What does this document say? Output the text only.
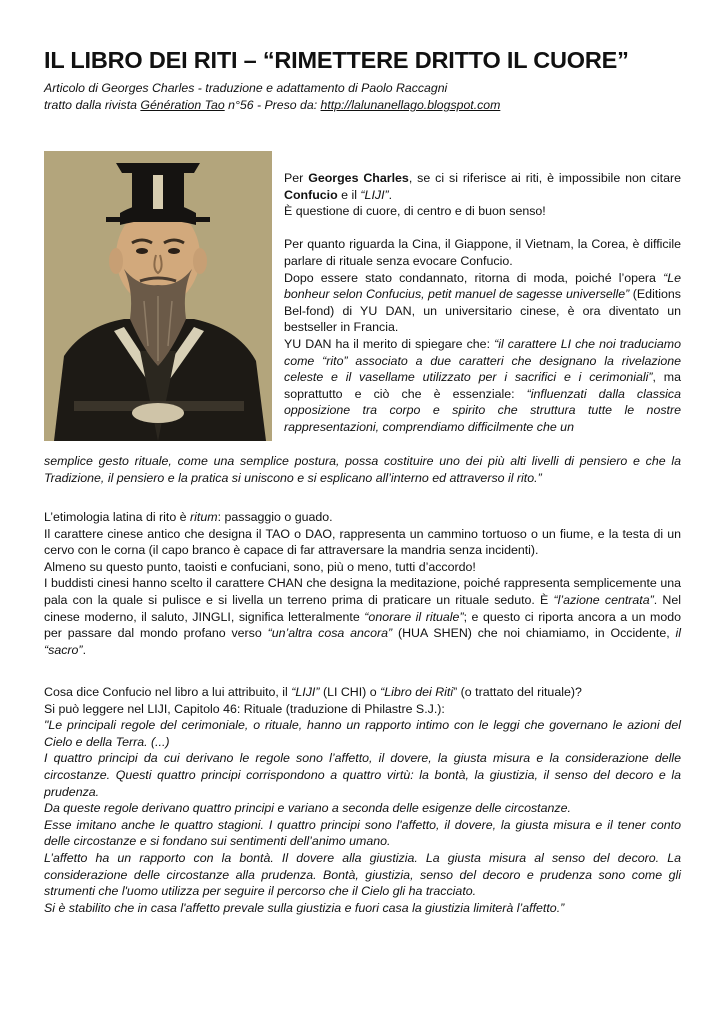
IL LIBRO DEI RITI – “RIMETTERE DRITTO IL CUORE”
Articolo di Georges Charles - traduzione e adattamento di Paolo Raccagni
tratto dalla rivista Génération Tao n°56 - Preso da: http://lalunanellago.blogspot.com

Per Georges Charles, se ci si riferisce ai riti, è impossibile non citare Confucio e il “LIJI”.

È questione di cuore, di centro e di buon senso!

Per quanto riguarda la Cina, il Giappone, il Vietnam, la Corea, è difficile parlare di rituale senza evocare Confucio.

Dopo essere stato condannato, ritorna di moda, poiché l’opera “Le bonheur selon Confucius, petit manuel de sagesse universelle” (Editions Bel-fond) di YU DAN, un universitario cinese, è ora diventato un bestseller in Francia.

YU DAN ha il merito di spiegare che: “il carattere LI che noi traduciamo come “rito” associato a due caratteri che designano la rivelazione celeste e il vasellame utilizzato per i sacrifici e i cerimoniali”, ma soprattutto e ciò che è essenziale: “influenzati dalla classica opposizione tra corpo e spirito che struttura tutte le nostre rappresentazioni, comprendiamo difficilmente che un

semplice gesto rituale, come una semplice postura, possa costituire uno dei più alti livelli di pensiero e che la Tradizione, il pensiero e la pratica si uniscono e si esplicano all’interno ed attraverso il rito.”

L’etimologia latina di rito è ritum: passaggio o guado.

Il carattere cinese antico che designa il TAO o DAO, rappresenta un cammino tortuoso o un fiume, e la testa di un cervo con le corna (il capo branco è capace di far attraversare la mandria senza incidenti).

Almeno su questo punto, taoisti e confuciani, sono, più o meno, tutti d’accordo!

I buddisti cinesi hanno scelto il carattere CHAN che designa la meditazione, poiché rappresenta semplicemente una pala con la quale si pulisce e si livella un terreno prima di praticare un rituale seduto. È “l’azione centrata”. Nel cinese moderno, il saluto, JINGLI, significa letteralmente “onorare il rituale”; e questo ci riporta ancora a un modo per passare dal mondo profano verso “un’altra cosa ancora” (HUA SHEN) che noi chiamiamo, in Occidente, il “sacro”.

Cosa dice Confucio nel libro a lui attribuito, il “LIJI” (LI CHI) o “Libro dei Riti” (o trattato del rituale)?

Si può leggere nel LIJI, Capitolo 46: Rituale (traduzione di Philastre S.J.):

"Le principali regole del cerimoniale, o rituale, hanno un rapporto intimo con le leggi che governano le azioni del Cielo e della Terra. (...)

I quattro principi da cui derivano le regole sono l’affetto, il dovere, la giusta misura e la considerazione delle circostanze. Questi quattro principi corrispondono a quattro virtù: la bontà, la giustizia, il senso del decoro e la prudenza.

Da queste regole derivano quattro principi e variano a seconda delle esigenze delle circostanze.

Esse imitano anche le quattro stagioni. I quattro principi sono l'affetto, il dovere, la giusta misura e il tener conto delle circostanze e si fondano sui sentimenti dell’animo umano.

L’affetto ha un rapporto con la bontà. Il dovere alla giustizia. La giusta misura al senso del decoro. La considerazione delle circostanze alla prudenza. Bontà, giustizia, senso del decoro e prudenza sono come gli strumenti che l'uomo utilizza per seguire il percorso che il Cielo gli ha tracciato.

Si è stabilito che in casa l'affetto prevale sulla giustizia e fuori casa la giustizia limiterà l’affetto.”
